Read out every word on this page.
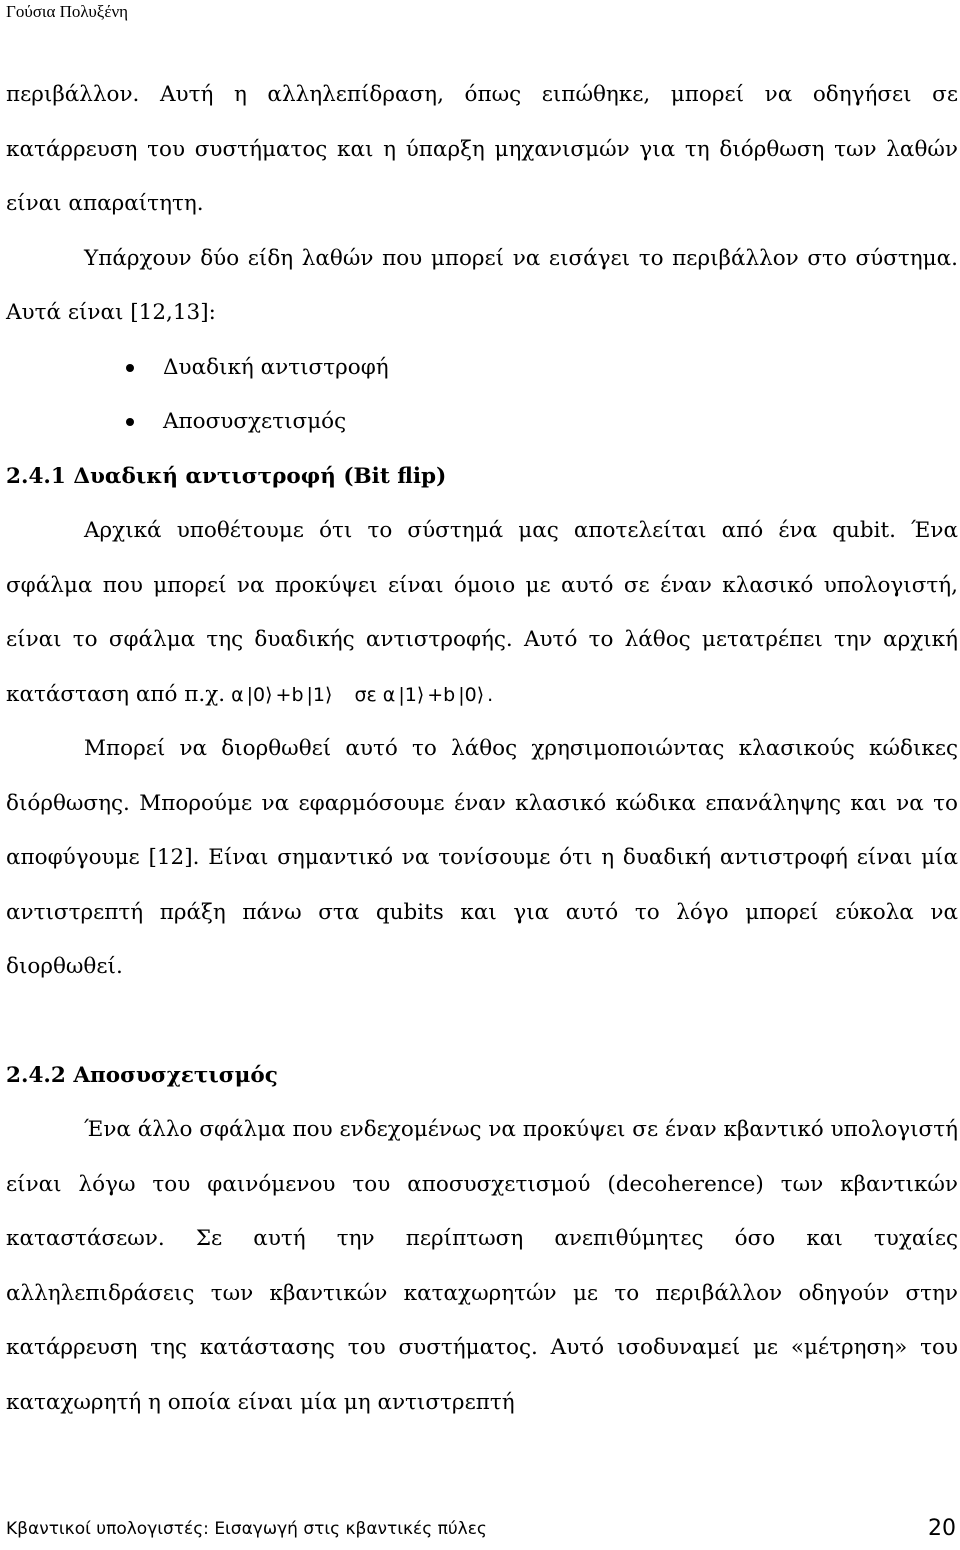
Γούσια Πολυξένη

περιβάλλον. Αυτή η αλληλεπίδραση, όπως ειπώθηκε, μπορεί να οδηγήσει σε κατάρρευση του συστήματος και η ύπαρξη μηχανισμών για τη διόρθωση των λαθών είναι απαραίτητη.

Υπάρχουν δύο είδη λαθών που μπορεί να εισάγει το περιβάλλον στο σύστημα. Αυτά είναι [12,13]:

Δυαδική αντιστροφή
Αποσυσχετισμός

2.4.1 Δυαδική αντιστροφή (Bit flip)

Αρχικά υποθέτουμε ότι το σύστημά μας αποτελείται από ένα qubit. Ένα σφάλμα που μπορεί να προκύψει είναι όμοιο με αυτό σε έναν κλασικό υπολογιστή, είναι το σφάλμα της δυαδικής αντιστροφής. Αυτό το λάθος μετατρέπει την αρχική κατάσταση από π.χ. α |0⟩ +b |1⟩ σε α |1⟩ +b |0⟩ .

Μπορεί να διορθωθεί αυτό το λάθος χρησιμοποιώντας κλασικούς κώδικες διόρθωσης. Μπορούμε να εφαρμόσουμε έναν κλασικό κώδικα επανάληψης και να το αποφύγουμε [12]. Είναι σημαντικό να τονίσουμε ότι η δυαδική αντιστροφή είναι μία αντιστρεπτή πράξη πάνω στα qubits και για αυτό το λόγο μπορεί εύκολα να διορθωθεί.

2.4.2 Αποσυσχετισμός

Ένα άλλο σφάλμα που ενδεχομένως να προκύψει σε έναν κβαντικό υπολογιστή είναι λόγω του φαινόμενου του αποσυσχετισμού (decoherence) των κβαντικών καταστάσεων. Σε αυτή την περίπτωση ανεπιθύμητες όσο και τυχαίες αλληλεπιδράσεις των κβαντικών καταχωρητών με το περιβάλλον οδηγούν στην κατάρρευση της κατάστασης του συστήματος. Αυτό ισοδυναμεί με «μέτρηση» του καταχωρητή η οποία είναι μία μη αντιστρεπτή

Κβαντικοί υπολογιστές: Εισαγωγή στις κβαντικές πύλες	20
